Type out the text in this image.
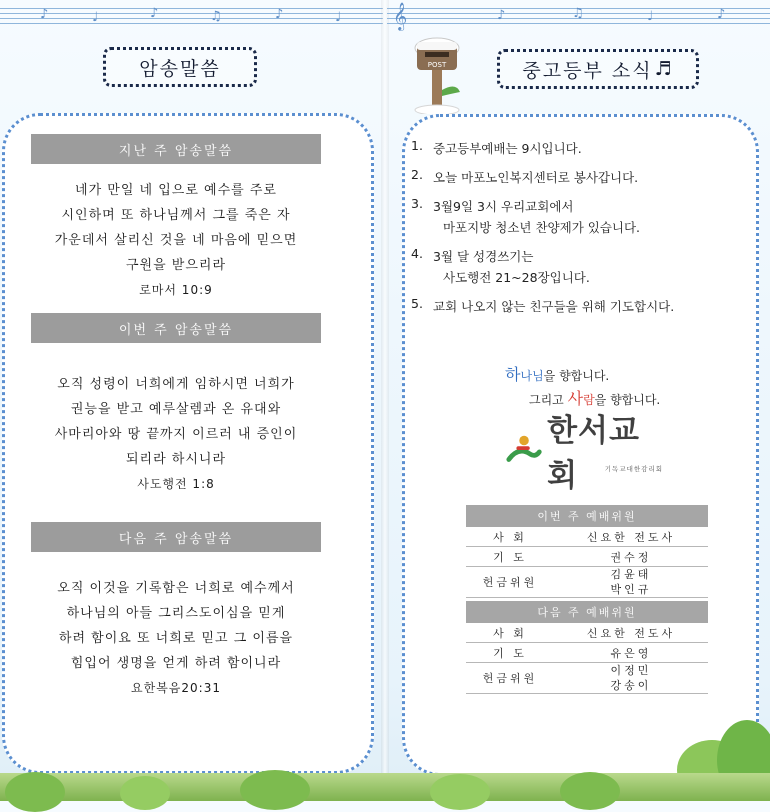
♪	♩	♪	♫	♪	♩
암송말씀
지난 주 암송말씀
네가 만일 네 입으로 예수를 주로
시인하며 또 하나님께서 그를 죽은 자
가운데서 살리신 것을 네 마음에 믿으면
구원을 받으리라
로마서 10:9
이번 주 암송말씀
오직 성령이 너희에게 임하시면 너희가
권능을 받고 예루살렘과 온 유대와
사마리아와 땅 끝까지 이르러 내 증인이
되리라 하시니라
사도행전 1:8
다음 주 암송말씀
오직 이것을 기록함은 너희로 예수께서
하나님의 아들 그리스도이심을 믿게
하려 함이요 또 너희로 믿고 그 이름을
힘입어 생명을 얻게 하려 함이니라
요한복음20:31
𝄞	♪	♫	♩	♪
POST	중고등부 소식 ♬
1. 중고등부예배는 9시입니다.
2. 오늘 마포노인복지센터로 봉사갑니다.
3. 3월9일 3시 우리교회에서
마포지방 청소년 찬양제가 있습니다.
4. 3월 달 성경쓰기는
사도행전 21~28장입니다.
5. 교회 나오지 않는 친구들을 위해 기도합시다.
하나님을 향합니다.
그리고 사람을 향합니다.
한서교회	기독교대한감리회
이번 주 예배위원	
사 회	신요한 전도사
기 도	권수정
헌금위원	김윤태
박인규
다음 주 예배위원	
사 회	신요한 전도사
기 도	유은영
헌금위원	이정민
강송이
